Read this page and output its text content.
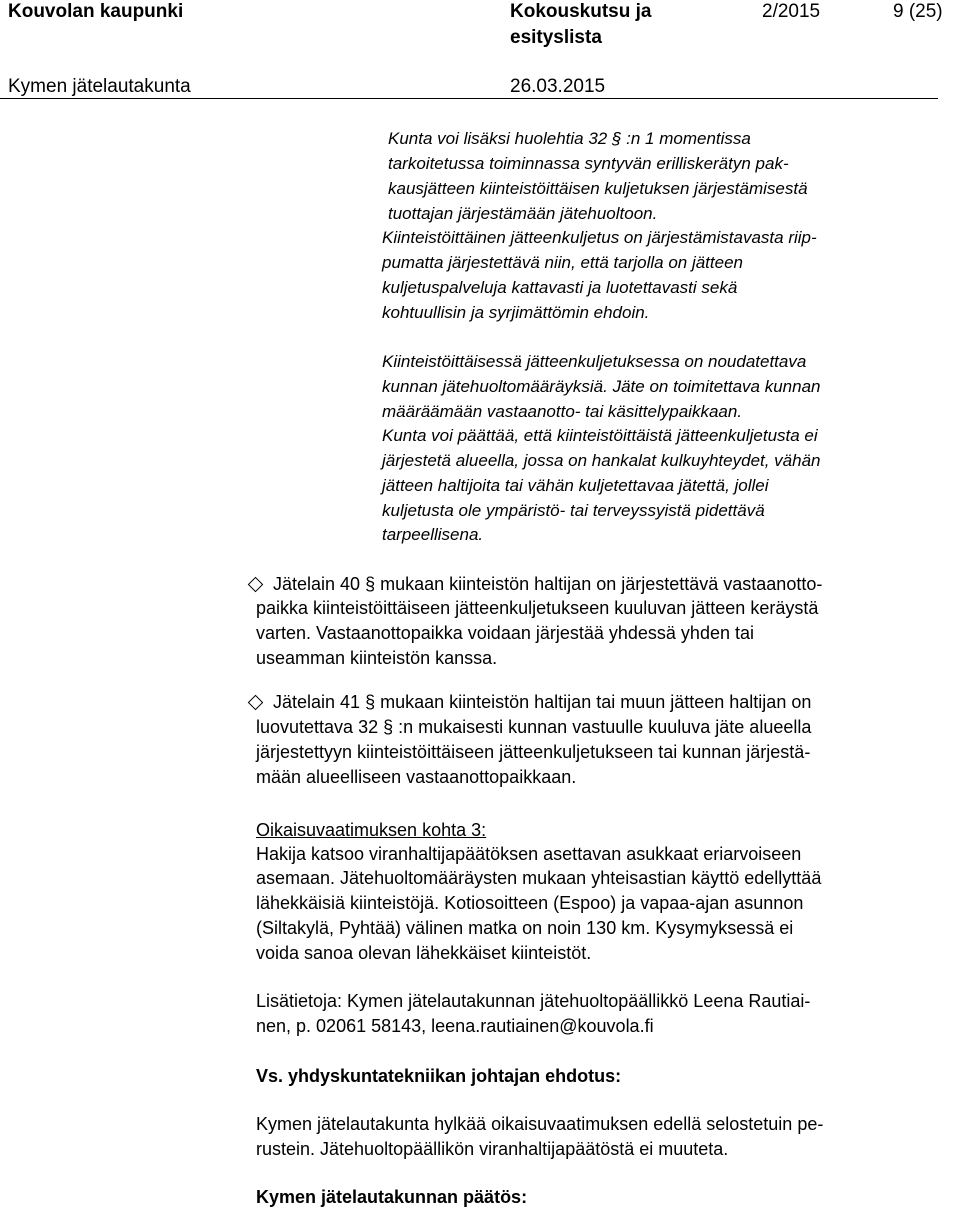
Kouvolan kaupunki	Kokouskutsu ja
esityslista
2/2015	9 (25)
Kymen jätelautakunta	26.03.2015
Kunta voi lisäksi huolehtia 32 § :n 1 momentissa
tarkoitetussa toiminnassa syntyvän erilliskerätyn pak-
kausjätteen kiinteistöittäisen kuljetuksen järjestämisestä
tuottajan järjestämään jätehuoltoon.
Kiinteistöittäinen jätteenkuljetus on järjestämistavasta riip-
pumatta järjestettävä niin, että tarjolla on jätteen
kuljetuspalveluja kattavasti ja luotettavasti sekä
kohtuullisin ja syrjimättömin ehdoin.
Kiinteistöittäisessä jätteenkuljetuksessa on noudatettava
kunnan jätehuoltomääräyksiä. Jäte on toimitettava kunnan
määräämään vastaanotto- tai käsittelypaikkaan.
Kunta voi päättää, että kiinteistöittäistä jätteenkuljetusta ei
järjestetä alueella, jossa on hankalat kulkuyhteydet, vähän
jätteen haltijoita tai vähän kuljetettavaa jätettä, jollei
kuljetusta ole ympäristö- tai terveyssyistä pidettävä
tarpeellisena.
Jätelain 40 § mukaan kiinteistön haltijan on järjestettävä vastaanotto-
paikka kiinteistöittäiseen jätteenkuljetukseen kuuluvan jätteen keräystä
varten. Vastaanottopaikka voidaan järjestää yhdessä yhden tai
useamman kiinteistön kanssa.
Jätelain 41 § mukaan kiinteistön haltijan tai muun jätteen haltijan on
luovutettava 32 § :n mukaisesti kunnan vastuulle kuuluva jäte alueella
järjestettyyn kiinteistöittäiseen jätteenkuljetukseen tai kunnan järjestä-
mään alueelliseen vastaanottopaikkaan.
Oikaisuvaatimuksen kohta 3:
Hakija katsoo viranhaltijapäätöksen asettavan asukkaat eriarvoiseen
asemaan. Jätehuoltomääräysten mukaan yhteisastian käyttö edellyttää
lähekkäisiä kiinteistöjä. Kotiosoitteen (Espoo) ja vapaa-ajan asunnon
(Siltakylä, Pyhtää) välinen matka on noin 130 km. Kysymyksessä ei
voida sanoa olevan lähekkäiset kiinteistöt.
Lisätietoja: Kymen jätelautakunnan jätehuoltopäällikkö Leena Rautiai-
nen, p. 02061 58143, leena.rautiainen@kouvola.fi
Vs. yhdyskuntatekniikan johtajan ehdotus:
Kymen jätelautakunta hylkää oikaisuvaatimuksen edellä selostetuin pe-
rustein. Jätehuoltopäällikön viranhaltijapäätöstä ei muuteta.
Kymen jätelautakunnan päätös:
